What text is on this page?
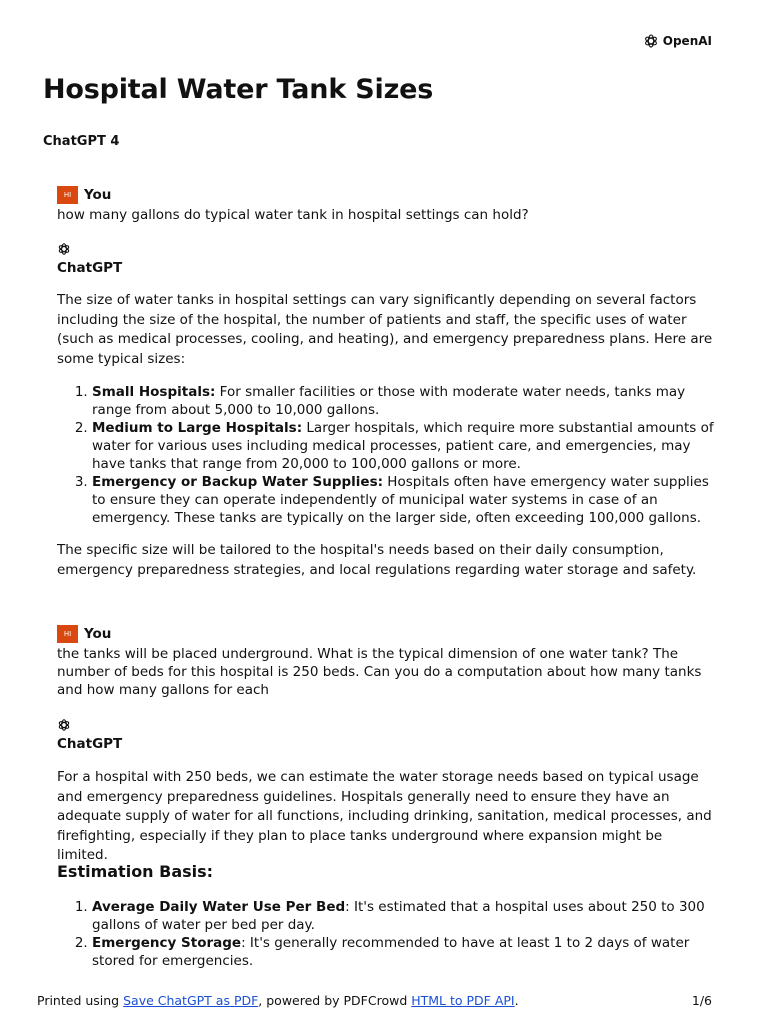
OpenAI
Hospital Water Tank Sizes
ChatGPT 4
HI You
how many gallons do typical water tank in hospital settings can hold?
ChatGPT

The size of water tanks in hospital settings can vary significantly depending on several factors including the size of the hospital, the number of patients and staff, the specific uses of water (such as medical processes, cooling, and heating), and emergency preparedness plans. Here are some typical sizes:

1. Small Hospitals: For smaller facilities or those with moderate water needs, tanks may range from about 5,000 to 10,000 gallons.
2. Medium to Large Hospitals: Larger hospitals, which require more substantial amounts of water for various uses including medical processes, patient care, and emergencies, may have tanks that range from 20,000 to 100,000 gallons or more.
3. Emergency or Backup Water Supplies: Hospitals often have emergency water supplies to ensure they can operate independently of municipal water systems in case of an emergency. These tanks are typically on the larger side, often exceeding 100,000 gallons.

The specific size will be tailored to the hospital's needs based on their daily consumption, emergency preparedness strategies, and local regulations regarding water storage and safety.

HI You
the tanks will be placed underground. What is the typical dimension of one water tank? The number of beds for this hospital is 250 beds. Can you do a computation about how many tanks and how many gallons for each
ChatGPT

For a hospital with 250 beds, we can estimate the water storage needs based on typical usage and emergency preparedness guidelines. Hospitals generally need to ensure they have an adequate supply of water for all functions, including drinking, sanitation, medical processes, and firefighting, especially if they plan to place tanks underground where expansion might be limited.

Estimation Basis:
1. Average Daily Water Use Per Bed: It's estimated that a hospital uses about 250 to 300 gallons of water per bed per day.
2. Emergency Storage: It's generally recommended to have at least 1 to 2 days of water stored for emergencies.
Printed using Save ChatGPT as PDF, powered by PDFCrowd HTML to PDF API.	1/6
